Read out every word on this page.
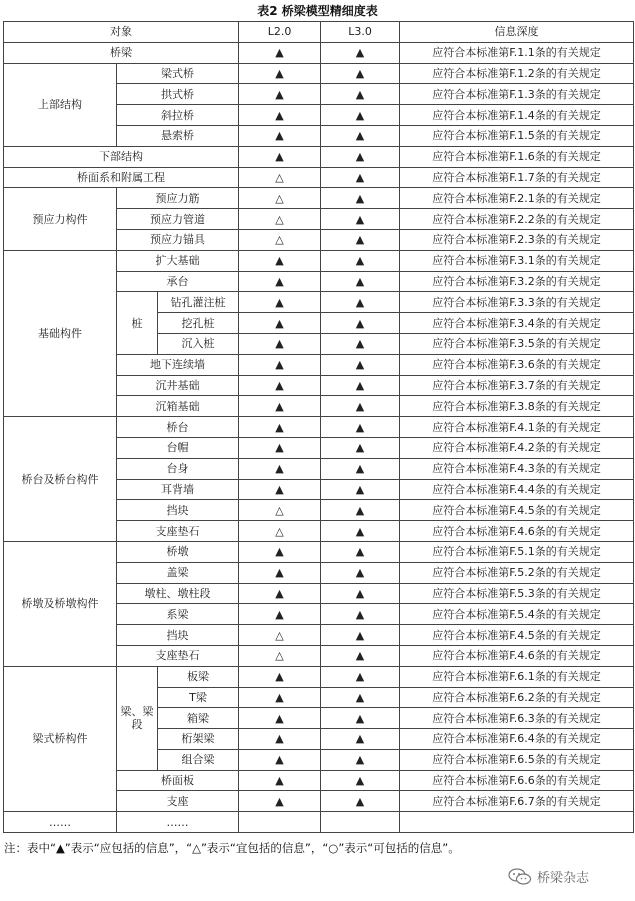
表2 桥梁模型精细度表
对象			L2.0	L3.0	信息深度
桥梁			▲	▲	应符合本标准第F.1.1条的有关规定
上部结构	梁式桥		▲	▲	应符合本标准第F.1.2条的有关规定
	拱式桥		▲	▲	应符合本标准第F.1.3条的有关规定
	斜拉桥		▲	▲	应符合本标准第F.1.4条的有关规定
	悬索桥		▲	▲	应符合本标准第F.1.5条的有关规定
下部结构			▲	▲	应符合本标准第F.1.6条的有关规定
桥面系和附属工程			△	▲	应符合本标准第F.1.7条的有关规定
预应力构件	预应力筋		△	▲	应符合本标准第F.2.1条的有关规定
	预应力管道		△	▲	应符合本标准第F.2.2条的有关规定
	预应力锚具		△	▲	应符合本标准第F.2.3条的有关规定
基础构件	扩大基础		▲	▲	应符合本标准第F.3.1条的有关规定
	承台		▲	▲	应符合本标准第F.3.2条的有关规定
	桩	钻孔灌注桩	▲	▲	应符合本标准第F.3.3条的有关规定
		挖孔桩	▲	▲	应符合本标准第F.3.4条的有关规定
		沉入桩	▲	▲	应符合本标准第F.3.5条的有关规定
	地下连续墙		▲	▲	应符合本标准第F.3.6条的有关规定
	沉井基础		▲	▲	应符合本标准第F.3.7条的有关规定
	沉箱基础		▲	▲	应符合本标准第F.3.8条的有关规定
桥台及桥台构件	桥台		▲	▲	应符合本标准第F.4.1条的有关规定
	台帽		▲	▲	应符合本标准第F.4.2条的有关规定
	台身		▲	▲	应符合本标准第F.4.3条的有关规定
	耳背墙		▲	▲	应符合本标准第F.4.4条的有关规定
	挡块		△	▲	应符合本标准第F.4.5条的有关规定
	支座垫石		△	▲	应符合本标准第F.4.6条的有关规定
桥墩及桥墩构件	桥墩		▲	▲	应符合本标准第F.5.1条的有关规定
	盖梁		▲	▲	应符合本标准第F.5.2条的有关规定
	墩柱、墩柱段		▲	▲	应符合本标准第F.5.3条的有关规定
	系梁		▲	▲	应符合本标准第F.5.4条的有关规定
	挡块		△	▲	应符合本标准第F.4.5条的有关规定
	支座垫石		△	▲	应符合本标准第F.4.6条的有关规定
梁式桥构件	梁、梁段	板梁	▲	▲	应符合本标准第F.6.1条的有关规定
		T梁	▲	▲	应符合本标准第F.6.2条的有关规定
		箱梁	▲	▲	应符合本标准第F.6.3条的有关规定
		桁架梁	▲	▲	应符合本标准第F.6.4条的有关规定
		组合梁	▲	▲	应符合本标准第F.6.5条的有关规定
	桥面板		▲	▲	应符合本标准第F.6.6条的有关规定
	支座		▲	▲	应符合本标准第F.6.7条的有关规定
……	……				
注：表中“▲”表示“应包括的信息”，“△”表示“宜包括的信息”，“○”表示“可包括的信息”。
桥梁杂志
